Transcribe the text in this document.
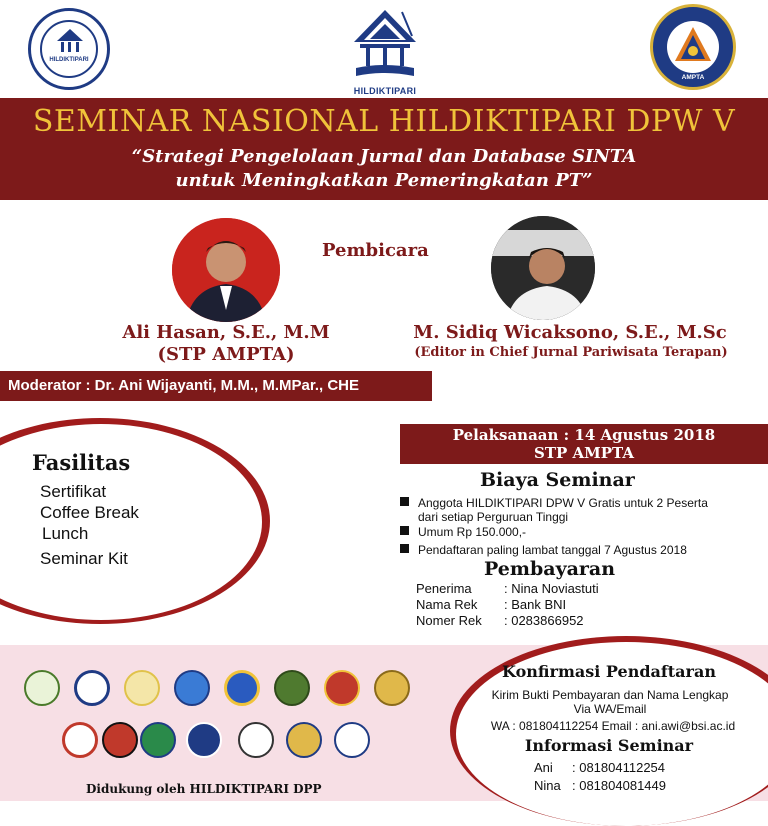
HILDIKTIPARI
HILDIKTIPARI
AMPTA
SEMINAR NASIONAL HILDIKTIPARI DPW V
“Strategi Pengelolaan Jurnal dan Database SINTA
untuk Meningkatkan Pemeringkatan PT”
Pembicara
Ali Hasan, S.E., M.M
(STP AMPTA)
M. Sidiq Wicaksono, S.E., M.Sc
(Editor in Chief Jurnal Pariwisata Terapan)
Moderator : Dr. Ani Wijayanti, M.M., M.MPar., CHE
Fasilitas
Sertifikat
Coffee Break
Lunch
Seminar Kit
Pelaksanaan : 14 Agustus 2018
STP AMPTA
Biaya Seminar
Anggota HILDIKTIPARI DPW V Gratis untuk 2 Peserta
dari setiap Perguruan Tinggi
Umum Rp 150.000,-
Pendaftaran paling lambat tanggal 7 Agustus 2018
Pembayaran
Penerima : Nina Noviastuti
Nama Rek : Bank BNI
Nomer Rek : 0283866952
Didukung oleh HILDIKTIPARI DPP
Konfirmasi Pendaftaran
Kirim Bukti Pembayaran dan Nama Lengkap
Via WA/Email
WA : 081804112254 Email : ani.awi@bsi.ac.id
Informasi Seminar
Ani : 081804112254
Nina : 081804081449
